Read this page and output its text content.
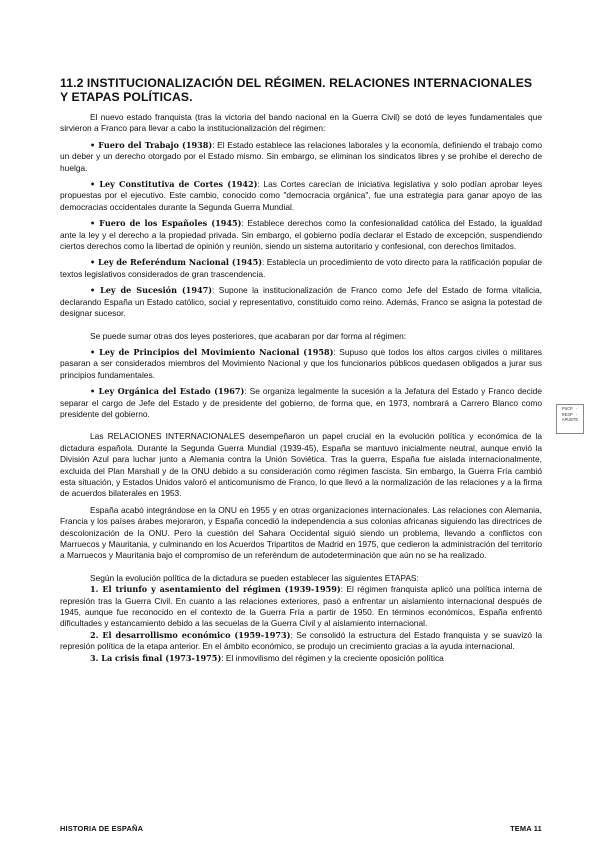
11.2 INSTITUCIONALIZACIÓN DEL RÉGIMEN. RELACIONES INTERNACIONALES Y ETAPAS POLÍTICAS.

El nuevo estado franquista (tras la victoria del bando nacional en la Guerra Civil) se dotó de leyes fundamentales que sirvieron a Franco para llevar a cabo la institucionalización del régimen:

• Fuero del Trabajo (1938): El Estado establece las relaciones laborales y la economía, definiendo el trabajo como un deber y un derecho otorgado por el Estado mismo. Sin embargo, se eliminan los sindicatos libres y se prohíbe el derecho de huelga.

• Ley Constitutiva de Cortes (1942): Las Cortes carecían de iniciativa legislativa y solo podían aprobar leyes propuestas por el ejecutivo. Este cambio, conocido como "democracia orgánica", fue una estrategia para ganar apoyo de las democracias occidentales durante la Segunda Guerra Mundial.

• Fuero de los Españoles (1945): Establece derechos como la confesionalidad católica del Estado, la igualdad ante la ley y el derecho a la propiedad privada. Sin embargo, el gobierno podía declarar el Estado de excepción, suspendiendo ciertos derechos como la libertad de opinión y reunión, siendo un sistema autoritario y confesional, con derechos limitados.

• Ley de Referéndum Nacional (1945): Establecía un procedimiento de voto directo para la ratificación popular de textos legislativos considerados de gran trascendencia.

• Ley de Sucesión (1947): Supone la institucionalización de Franco como Jefe del Estado de forma vitalicia, declarando España un Estado católico, social y representativo, constituido como reino. Además, Franco se asigna la potestad de designar sucesor.

Se puede sumar otras dos leyes posteriores, que acabaran por dar forma al régimen:

• Ley de Principios del Movimiento Nacional (1958): Supuso que todos los altos cargos civiles o militares pasaran a ser considerados miembros del Movimiento Nacional y que los funcionarios públicos quedasen obligados a jurar sus principios fundamentales.

• Ley Orgánica del Estado (1967): Se organiza legalmente la sucesión a la Jefatura del Estado y Franco decide separar el cargo de Jefe del Estado y de presidente del gobierno, de forma que, en 1973, nombrará a Carrero Blanco como presidente del gobierno.

Las RELACIONES INTERNACIONALES desempeñaron un papel crucial en la evolución política y económica de la dictadura española. Durante la Segunda Guerra Mundial (1939-45), España se mantuvo inicialmente neutral, aunque envió la División Azul para luchar junto a Alemania contra la Unión Soviética. Tras la guerra, España fue aislada internacionalmente, excluida del Plan Marshall y de la ONU debido a su consideración como régimen fascista. Sin embargo, la Guerra Fría cambió esta situación, y Estados Unidos valoró el anticomunismo de Franco, lo que llevó a la normalización de las relaciones y a la firma de acuerdos bilaterales en 1953.

España acabó integrándose en la ONU en 1955 y en otras organizaciones internacionales. Las relaciones con Alemania, Francia y los países árabes mejoraron, y España concedió la independencia a sus colonias africanas siguiendo las directrices de descolonización de la ONU. Pero la cuestión del Sahara Occidental siguió siendo un problema, llevando a conflictos con Marruecos y Mauritania, y culminando en los Acuerdos Tripartitos de Madrid en 1975, que cedieron la administración del territorio a Marruecos y Mauritania bajo el compromiso de un referéndum de autodeterminación que aún no se ha realizado.

Según la evolución política de la dictadura se pueden establecer las siguientes ETAPAS:

1. El triunfo y asentamiento del régimen (1939-1959): El régimen franquista aplicó una política interna de represión tras la Guerra Civil. En cuanto a las relaciones exteriores, pasó a enfrentar un aislamiento internacional después de 1945, aunque fue reconocido en el contexto de la Guerra Fría a partir de 1950. En términos económicos, España enfrentó dificultades y estancamiento debido a las secuelas de la Guerra Civil y al aislamiento internacional.

2. El desarrollismo económico (1959-1973): Se consolidó la estructura del Estado franquista y se suavizó la represión política de la etapa anterior. En el ámbito económico, se produjo un crecimiento gracias a la ayuda internacional.

3. La crisis final (1973-1975): El inmovilismo del régimen y la creciente oposición política

PUCP · RESP · APUNTE
HISTORIA DE ESPAÑA	TEMA 11
